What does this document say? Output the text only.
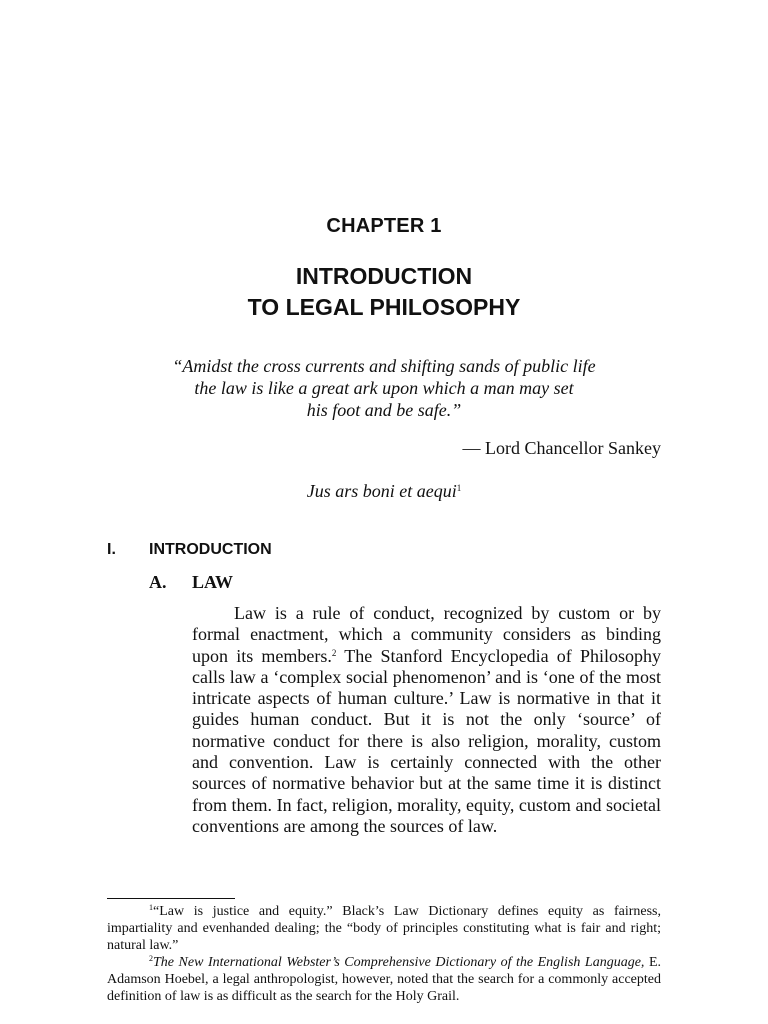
CHAPTER 1
INTRODUCTION
TO LEGAL PHILOSOPHY
“Amidst the cross currents and shifting sands of public life
the law is like a great ark upon which a man may set
his foot and be safe.”
— Lord Chancellor Sankey
Jus ars boni et aequi$^1$
I. INTRODUCTION
A. LAW

Law is a rule of conduct, recognized by custom or by formal enactment, which a community considers as binding upon its members.$^2$ The Stanford Encyclopedia of Philosophy calls law a ‘complex social phenomenon’ and is ‘one of the most intricate aspects of human culture.’ Law is normative in that it guides human conduct. But it is not the only ‘source’ of normative conduct for there is also religion, morality, custom and convention. Law is certainly connected with the other sources of normative behavior but at the same time it is distinct from them. In fact, religion, morality, equity, custom and societal conventions are among the sources of law.

$^1$“Law is justice and equity.” Black’s Law Dictionary defines equity as fairness, impartiality and evenhanded dealing; the “body of principles constituting what is fair and right; natural law.”

$^2$The New International Webster’s Comprehensive Dictionary of the English Language, E. Adamson Hoebel, a legal anthropologist, however, noted that the search for a commonly accepted definition of law is as difficult as the search for the Holy Grail.
